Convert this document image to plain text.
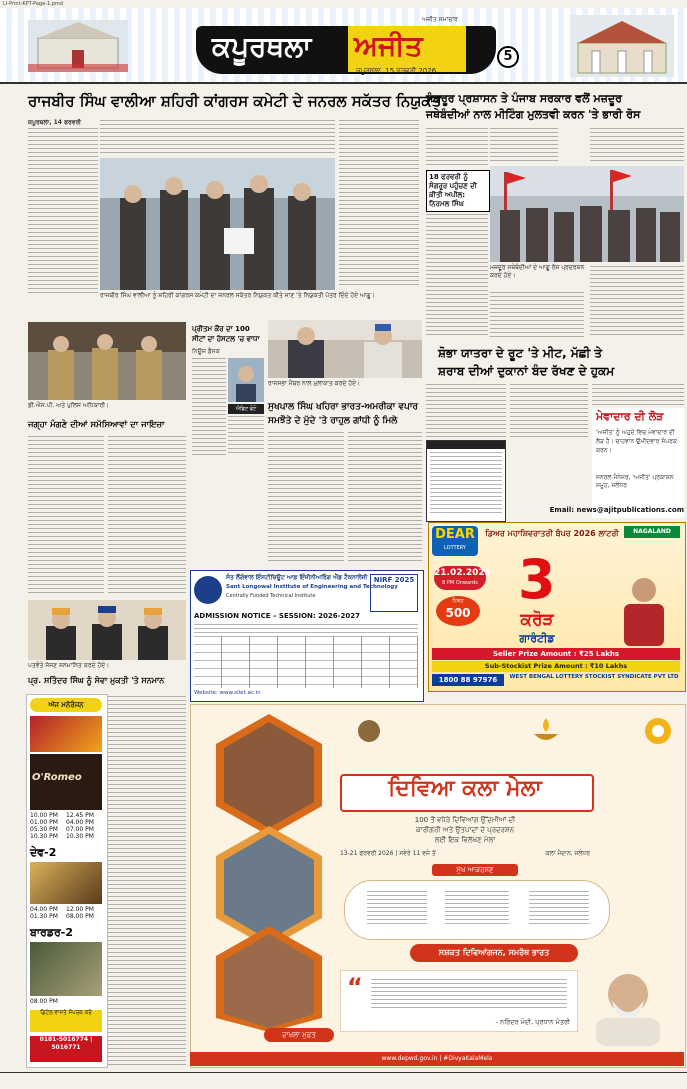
LI-Print-KPT-Page-1.pmd
ਕਪੂਰਥਲਾ ਅਜੀਤ
ਅਜੀਤ ਸਮਾਚਾਰ
ਕਪੂਰਥਲਾ, 15 ਫਰਵਰੀ 2026
5
ਰਾਜਬੀਰ ਸਿੰਘ ਵਾਲੀਆ ਸ਼ਹਿਰੀ ਕਾਂਗਰਸ ਕਮੇਟੀ ਦੇ ਜਨਰਲ ਸਕੱਤਰ ਨਿਯੁਕਤ
ਕਪੂਰਥਲਾ, 14 ਫਰਵਰੀ
ਰਾਜਬੀਰ ਸਿੰਘ ਵਾਲੀਆ ਨੂੰ ਸ਼ਹਿਰੀ ਕਾਂਗਰਸ ਕਮੇਟੀ ਦਾ ਜਨਰਲ ਸਕੱਤਰ ਨਿਯੁਕਤ ਕੀਤੇ ਜਾਣ 'ਤੇ ਨਿਯੁਕਤੀ ਪੱਤਰ ਦਿੰਦੇ ਹੋਏ ਆਗੂ।
ਸੰਗਰੂਰ ਪ੍ਰਸ਼ਾਸਨ ਤੇ ਪੰਜਾਬ ਸਰਕਾਰ ਵਲੋਂ ਮਜ਼ਦੂਰ
ਜਥੇਬੰਦੀਆਂ ਨਾਲ ਮੀਟਿੰਗ ਮੁਲਤਵੀ ਕਰਨ 'ਤੇ ਭਾਰੀ ਰੋਸ
18 ਫਰਵਰੀ ਨੂੰ ਸੰਗਰੂਰ ਪਹੁੰਚਣ ਦੀ ਕੀਤੀ ਅਪੀਲ: ਨਿਰਮਲ ਸਿੰਘ
ਮਜ਼ਦੂਰ ਜਥੇਬੰਦੀਆਂ ਦੇ ਆਗੂ ਰੋਸ ਪ੍ਰਦਰਸ਼ਨ ਕਰਦੇ ਹੋਏ।
ਸ਼ੋਭਾ ਯਾਤਰਾ ਦੇ ਰੂਟ 'ਤੇ ਮੀਟ, ਮੱਛੀ ਤੇ
ਸ਼ਰਾਬ ਦੀਆਂ ਦੁਕਾਨਾਂ ਬੰਦ ਰੱਖਣ ਦੇ ਹੁਕਮ
ਮੇਵਾਦਾਰ ਦੀ ਲੋੜ
'ਅਜੀਤ' ਨੂੰ ਅਹੁਦੇ ਵਿਚ ਮੇਵਾਦਾਰ ਦੀ ਲੋੜ ਹੈ। ਚਾਹਵਾਨ ਉਮੀਦਵਾਰ ਸੰਪਰਕ ਕਰਨ।
ਜਨਰਲ ਮੈਨੇਜਰ, 'ਅਜੀਤ' ਪ੍ਰਕਾਸ਼ਨ ਸਮੂਹ, ਜਲੰਧਰ
Email: news@ajitpublications.com
ਡੀ.ਐਸ.ਪੀ. ਅਤੇ ਪੁਲਿਸ ਅਧਿਕਾਰੀ।
ਜਗ੍ਹਾ ਮੰਗਣੇ ਦੀਆਂ ਸਮੱਸਿਆਵਾਂ ਦਾ ਜਾਇਜ਼ਾ
ਪ੍ਰੀਤਮ ਕੌਰ ਦਾ 100 ਸੀਟਾਂ ਦਾ ਹੋਸਟਲ 'ਚ ਵਾਧਾ
ਨਿਊਜ਼ ਡੈਸਕ
ਐਡਿਟ ਫੋਟੋ
ਰਾਜਸਭਾ ਮੈਂਬਰ ਨਾਲ ਮੁਲਾਕਾਤ ਕਰਦੇ ਹੋਏ।
ਸੁਖਪਾਲ ਸਿੰਘ ਖਹਿਰਾ ਭਾਰਤ-ਅਮਰੀਕਾ ਵਪਾਰ
ਸਮਝੌਤੇ ਦੇ ਮੁੱਦੇ 'ਤੇ ਰਾਹੁਲ ਗਾਂਧੀ ਨੂੰ ਮਿਲੇ
ਪਤਵੰਤੇ ਸੱਜਣ ਸਨਮਾਨਿਤ ਕਰਦੇ ਹੋਏ।
ਪ੍ਰ. ਸਤਿੰਦਰ ਸਿੰਘ ਨੂੰ ਸੇਵਾ ਮੁਕਤੀ 'ਤੇ ਸਨਮਾਨ
ਸੰਤ ਲੌਂਗੋਵਾਲ ਇੰਸਟੀਚਿਊਟ ਆਫ਼ ਇੰਜੀਨੀਅਰਿੰਗ ਐਂਡ ਟੈਕਨਾਲੋਜੀ
Sant Longowal Institute of Engineering and Technology
Centrally Funded Technical Institute
NIRF 2025
ADMISSION NOTICE – SESSION: 2026-2027
Website: www.sliet.ac.in
DEAR
LOTTERY
ਡਿਅਰ ਮਹਾਸ਼ਿਵਰਾਤਰੀ ਬੰਪਰ 2026 ਲਾਟਰੀ	NAGALAND
21.02.2026
8 PM Onwards
ਟਿਕਟ
500
3
ਕਰੋੜ
ਗਾਰੰਟੀਡ
Seller Prize Amount : ₹25 Lakhs
Sub-Stockist Prize Amount : ₹10 Lakhs
1800 88 97976	WEST BENGAL LOTTERY STOCKIST SYNDICATE PVT LTD
ਅੱਜ ਮਨੋਰੰਜਨ
O'Romeo
10.00 PM	12.45 PM
01.00 PM	04.00 PM
05.30 PM	07.00 PM
10.30 PM	10.30 PM
ਦੇਵ-2
04.00 PM	12.00 PM
01.30 PM	08.00 PM
ਬਾਰਡਰ-2
08.00 PM
ਡਿਟੇਲ ਵਾਸਤੇ ਸੰਪਰਕ ਕਰੋ
0181-5016774 | 5016771
ਦਿਵਿਆ ਕਲਾ ਮੇਲਾ
100 ਤੋਂ ਵਧੇਰੇ ਦਿਵਿਆਂਗ ਉੱਦਮੀਆਂ ਦੀ
ਕਾਰੀਗਰੀ ਅਤੇ ਉਤਪਾਦਾਂ ਦੇ ਪ੍ਰਦਰਸ਼ਨ
ਲਈ ਇਕ ਵਿਲੱਖਣ ਮੇਲਾ
13-21 ਫਰਵਰੀ 2026 | ਸਵੇਰੇ 11 ਵਜੇ ਤੋਂ	ਕਲਾ ਮੈਦਾਨ, ਜਲੰਧਰ
ਮੁੱਖ ਆਕਰਸ਼ਣ
ਸਸ਼ਕਤ ਦਿਵਿਆਂਗਜਨ, ਸਮਰੱਥ ਭਾਰਤ
“
- ਨਰਿੰਦਰ ਮੋਦੀ, ਪ੍ਰਧਾਨ ਮੰਤਰੀ
ਦਾਖ਼ਲਾ ਮੁਫ਼ਤ
www.depwd.gov.in | #DivyaKalaMela
